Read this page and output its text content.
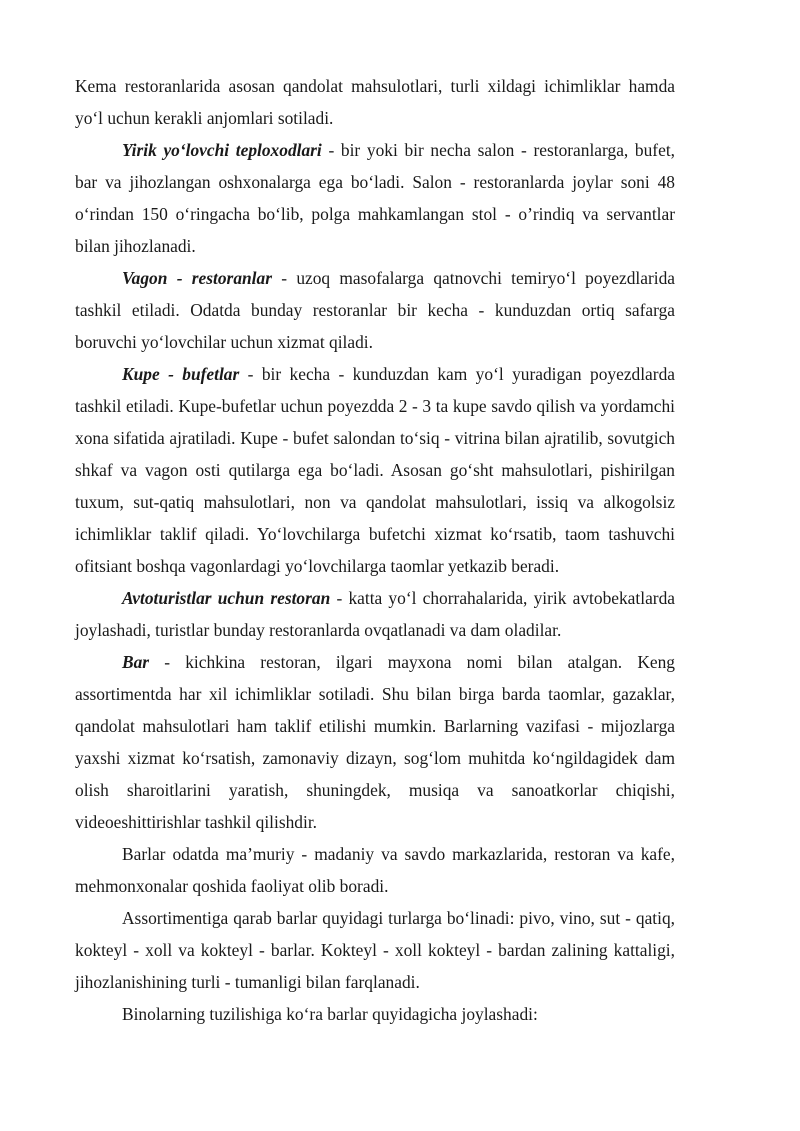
Kema restoranlarida asosan qandolat mahsulotlari, turli xildagi ichimliklar hamda yo‘l uchun kerakli anjomlari sotiladi.

Yirik yo‘lovchi teploxodlari - bir yoki bir necha salon - restoranlarga, bufet, bar va jihozlangan oshxonalarga ega bo‘ladi. Salon - restoranlarda joylar soni 48 o‘rindan 150 o‘ringacha bo‘lib, polga mahkamlangan stol - o’rindiq va servantlar bilan jihozlanadi.

Vagon - restoranlar - uzoq masofalarga qatnovchi temiryo‘l poyezdlarida tashkil etiladi. Odatda bunday restoranlar bir kecha - kunduzdan ortiq safarga boruvchi yo‘lovchilar uchun xizmat qiladi.

Kupe - bufetlar - bir kecha - kunduzdan kam yo‘l yuradigan poyezdlarda tashkil etiladi. Kupe-bufetlar uchun poyezdda 2 - 3 ta kupe savdo qilish va yordamchi xona sifatida ajratiladi. Kupe - bufet salondan to‘siq - vitrina bilan ajratilib, sovutgich shkaf va vagon osti qutilarga ega bo‘ladi. Asosan go‘sht mahsulotlari, pishirilgan tuxum, sut-qatiq mahsulotlari, non va qandolat mahsulotlari, issiq va alkogolsiz ichimliklar taklif qiladi. Yo‘lovchilarga bufetchi xizmat ko‘rsatib, taom tashuvchi ofitsiant boshqa vagonlardagi yo‘lovchilarga taomlar yetkazib beradi.

Avtoturistlar uchun restoran - katta yo‘l chorrahalarida, yirik avtobekatlarda joylashadi, turistlar bunday restoranlarda ovqatlanadi va dam oladilar.

Bar - kichkina restoran, ilgari mayxona nomi bilan atalgan. Keng assortimentda har xil ichimliklar sotiladi. Shu bilan birga barda taomlar, gazaklar, qandolat mahsulotlari ham taklif etilishi mumkin. Barlarning vazifasi - mijozlarga yaxshi xizmat ko‘rsatish, zamonaviy dizayn, sog‘lom muhitda ko‘ngildagidek dam olish sharoitlarini yaratish, shuningdek, musiqa va sanoatkorlar chiqishi, videoeshittirishlar tashkil qilishdir.

Barlar odatda ma’muriy - madaniy va savdo markazlarida, restoran va kafe, mehmonxonalar qoshida faoliyat olib boradi.

Assortimentiga qarab barlar quyidagi turlarga bo‘linadi: pivo, vino, sut - qatiq, kokteyl - xoll va kokteyl - barlar. Kokteyl - xoll kokteyl - bardan zalining kattaligi, jihozlanishining turli - tumanligi bilan farqlanadi.

Binolarning tuzilishiga ko‘ra barlar quyidagicha joylashadi:
